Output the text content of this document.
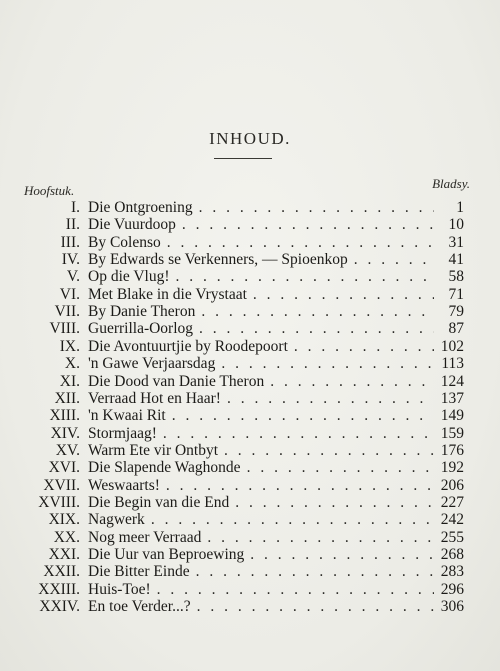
INHOUD.
Hoofstuk.	Bladsy.
I. Die Ontgroening . . .	1
II. Die Vuurdoop . . .	10
III. By Colenso . . .	31
IV. By Edwards se Verkenners, — Spioenkop . . .	41
V. Op die Vlug! . . .	58
VI. Met Blake in die Vrystaat . . .	71
VII. By Danie Theron . . .	79
VIII. Guerrilla-Oorlog . . .	87
IX. Die Avontuurtjie by Roodepoort . . .	102
X. 'n Gawe Verjaarsdag . . .	113
XI. Die Dood van Danie Theron . . .	124
XII. Verraad Hot en Haar! . . .	137
XIII. 'n Kwaai Rit . . .	149
XIV. Stormjaag! . . .	159
XV. Warm Ete vir Ontbyt . . .	176
XVI. Die Slapende Waghonde . . .	192
XVII. Weswaarts! . . .	206
XVIII. Die Begin van die End . . .	227
XIX. Nagwerk . . .	242
XX. Nog meer Verraad . . .	255
XXI. Die Uur van Beproewing . . .	268
XXII. Die Bitter Einde . . .	283
XXIII. Huis-Toe! . . .	296
XXIV. En toe Verder...? . . .	306
